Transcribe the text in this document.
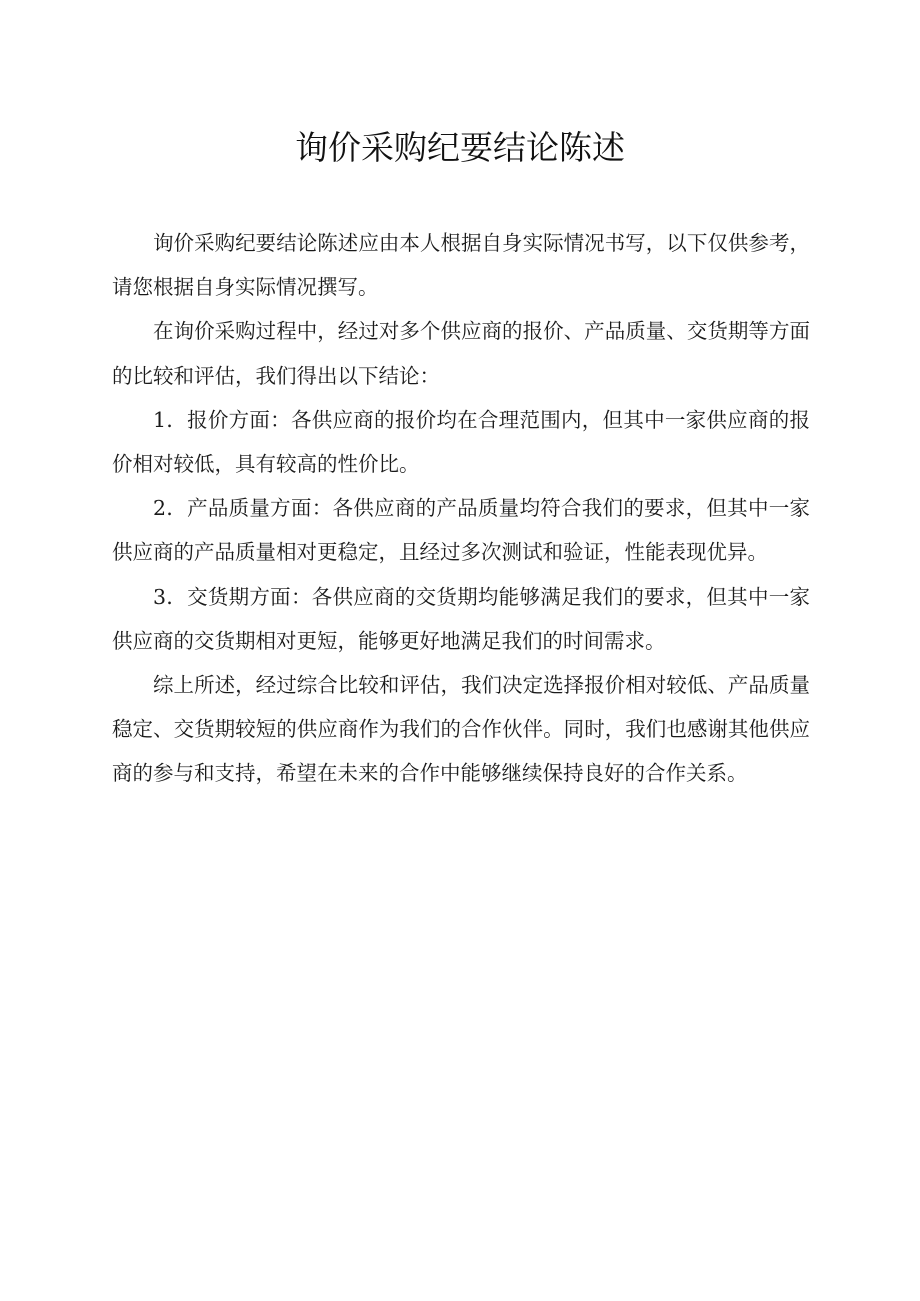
询价采购纪要结论陈述

询价采购纪要结论陈述应由本人根据自身实际情况书写，以下仅供参考，请您根据自身实际情况撰写。

在询价采购过程中，经过对多个供应商的报价、产品质量、交货期等方面的比较和评估，我们得出以下结论：

1．报价方面：各供应商的报价均在合理范围内，但其中一家供应商的报价相对较低，具有较高的性价比。

2．产品质量方面：各供应商的产品质量均符合我们的要求，但其中一家供应商的产品质量相对更稳定，且经过多次测试和验证，性能表现优异。

3．交货期方面：各供应商的交货期均能够满足我们的要求，但其中一家供应商的交货期相对更短，能够更好地满足我们的时间需求。

综上所述，经过综合比较和评估，我们决定选择报价相对较低、产品质量稳定、交货期较短的供应商作为我们的合作伙伴。同时，我们也感谢其他供应商的参与和支持，希望在未来的合作中能够继续保持良好的合作关系。
